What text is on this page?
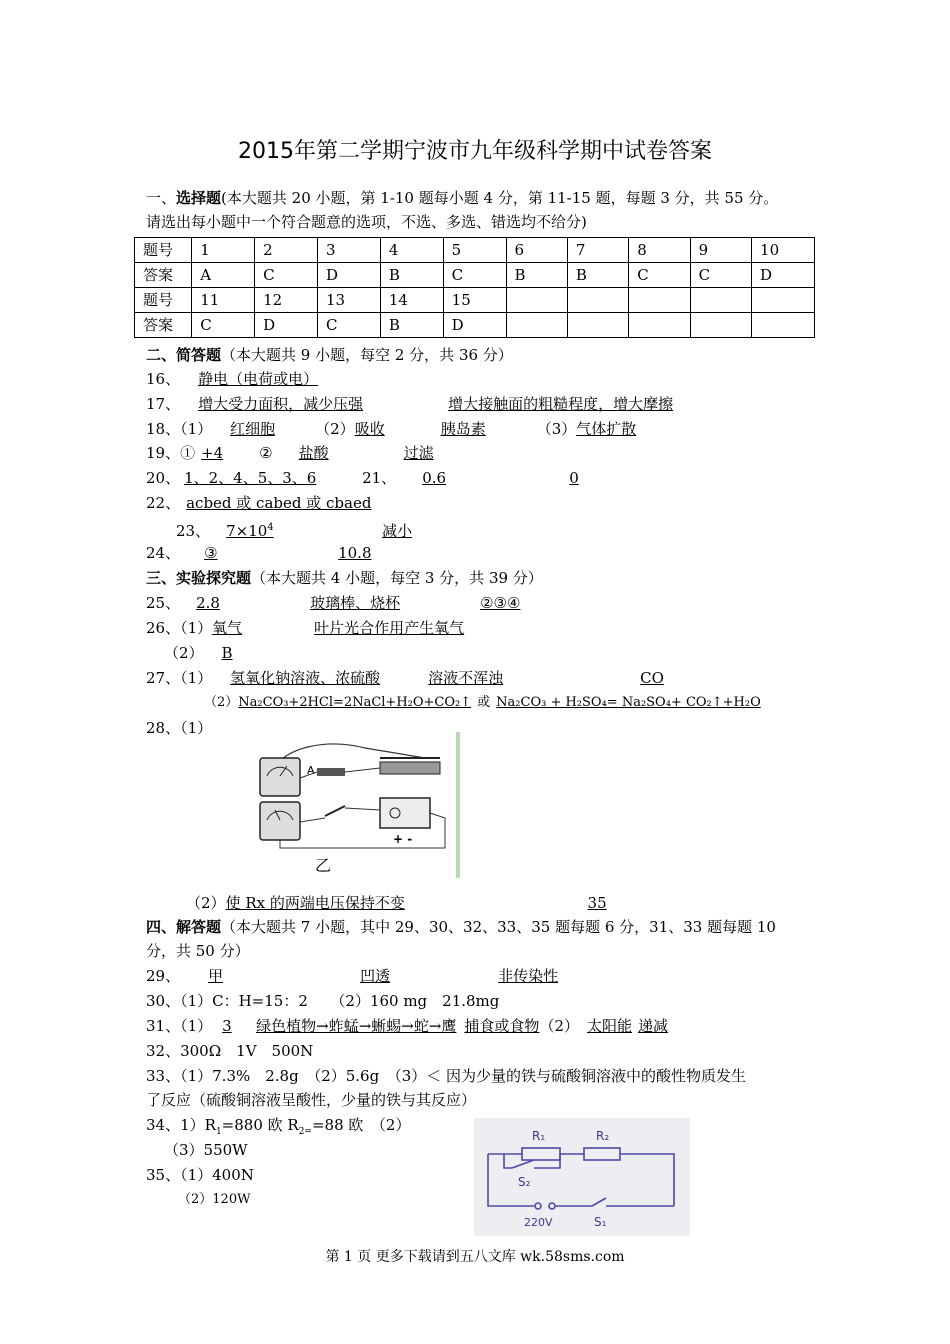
2015年第二学期宁波市九年级科学期中试卷答案
一、选择题(本大题共 20 小题，第 1-10 题每小题 4 分，第 11-15 题，每题 3 分，共 55 分。
请选出每小题中一个符合题意的选项，不选、多选、错选均不给分)
题号	1	2	3	4	5	6	7	8	9	10
答案	A	C	D	B	C	B	B	C	C	D
题号	11	12	13	14	15					
答案	C	D	C	B	D					
二、简答题（本大题共 9 小题，每空 2 分，共 36 分）
16、 静电（电荷或电）
17、 增大受力面积，减少压强	增大接触面的粗糙程度，增大摩擦
18、（1） 红细胞	（2）吸收	胰岛素	（3）气体扩散
19、① +4 ② 盐酸	过滤
20、 1、2、4、5、3、6	21、 0.6	0
22、 acbed 或 cabed 或 cbaed
23、 $7\times 10^4$	减小
24、 ③	10.8
三、实验探究题（本大题共 4 小题，每空 3 分，共 39 分）
25、 2.8	玻璃棒、烧杯	②③④
26、（1）氧气	叶片光合作用产生氧气
（2） B
27、（1） 氢氧化钠溶液、浓硫酸	溶液不浑浊	CO
（2）Na₂CO₃+2HCl=2NaCl+H₂O+CO₂↑ 或 Na₂CO₃ + H₂SO₄= Na₂SO₄+ CO₂↑+H₂O
28、（1）
A
+ -
乙
（2）使 Rx 的两端电压保持不变	35
四、解答题（本大题共 7 小题，其中 29、30、32、33、35 题每题 6 分，31、33 题每题 10
分，共 50 分）
29、 甲	凹透	非传染性
30、（1）C：H=15：2　　（2）160 mg　21.8mg
31、（1） 3 绿色植物→蚱蜢→蜥蜴→蛇→鹰 捕食或食物（2） 太阳能 递减
32、300Ω　1V　500N
33、（1）7.3%　2.8g　（2）5.6g　（3）＜ 因为少量的铁与硫酸铜溶液中的酸性物质发生
了反应（硫酸铜溶液呈酸性，少量的铁与其反应）
34、$1)R_1=880$ 欧 $R_{2=}=88$ 欧　（2）
（3）550W
R₁	R₂
S₂
220V	S₁
35、（1）400N
（2）120W
第 1 页 更多下载请到五八文库 wk.58sms.com
